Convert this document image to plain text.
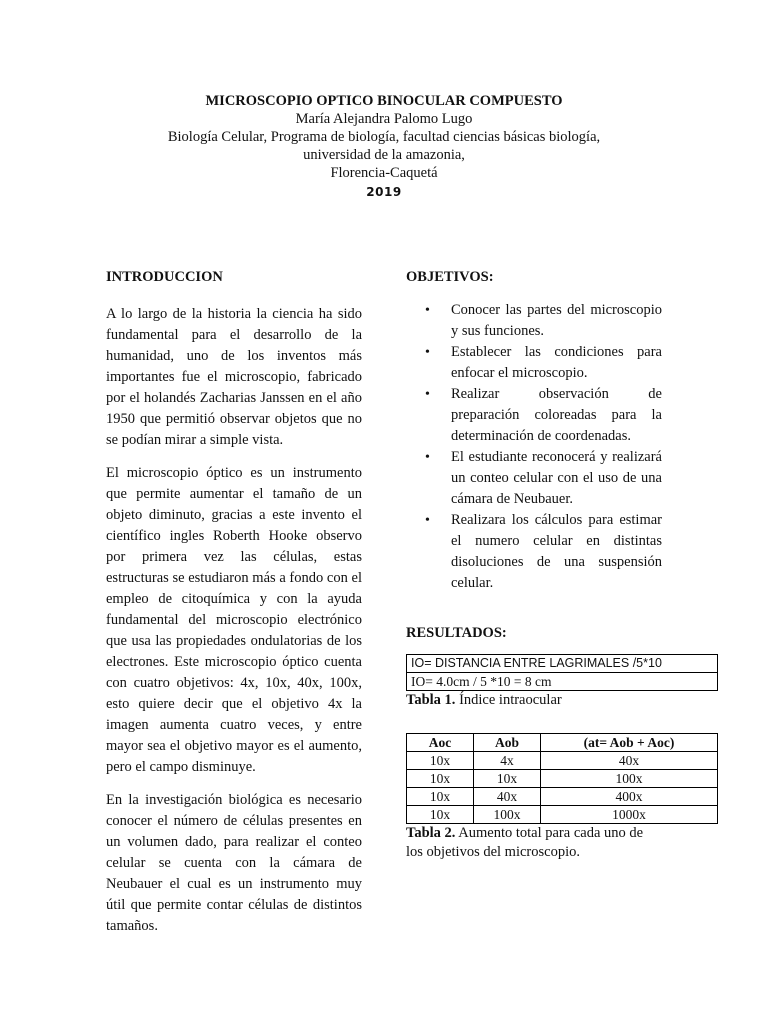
MICROSCOPIO OPTICO BINOCULAR COMPUESTO
María Alejandra Palomo Lugo
Biología Celular, Programa de biología, facultad ciencias básicas biología,
universidad de la amazonia,
Florencia-Caquetá
2019
INTRODUCCION

A lo largo de la historia la ciencia ha sido fundamental para el desarrollo de la humanidad, uno de los inventos más importantes fue el microscopio, fabricado por el holandés Zacharias Janssen en el año 1950 que permitió observar objetos que no se podían mirar a simple vista.

El microscopio óptico es un instrumento que permite aumentar el tamaño de un objeto diminuto, gracias a este invento el científico ingles Roberth Hooke observo por primera vez las células, estas estructuras se estudiaron más a fondo con el empleo de citoquímica y con la ayuda fundamental del microscopio electrónico que usa las propiedades ondulatorias de los electrones. Este microscopio óptico cuenta con cuatro objetivos: 4x, 10x, 40x, 100x, esto quiere decir que el objetivo 4x la imagen aumenta cuatro veces, y entre mayor sea el objetivo mayor es el aumento, pero el campo disminuye.

En la investigación biológica es necesario conocer el número de células presentes en un volumen dado, para realizar el conteo celular se cuenta con la cámara de Neubauer el cual es un instrumento muy útil que permite contar células de distintos tamaños.

OBJETIVOS:
• Conocer las partes del microscopio y sus funciones.
• Establecer las condiciones para enfocar el microscopio.
• Realizar observación de preparación coloreadas para la determinación de coordenadas.
• El estudiante reconocerá y realizará un conteo celular con el uso de una cámara de Neubauer.
• Realizara los cálculos para estimar el numero celular en distintas disoluciones de una suspensión celular.
RESULTADOS:
IO= DISTANCIA ENTRE LAGRIMALES /5*10
IO= 4.0cm / 5 *10 = 8 cm
Tabla 1. Índice intraocular
Aoc	Aob	(at= Aob + Aoc)
10x	4x	40x
10x	10x	100x
10x	40x	400x
10x	100x	1000x
Tabla 2. Aumento total para cada uno de los objetivos del microscopio.
